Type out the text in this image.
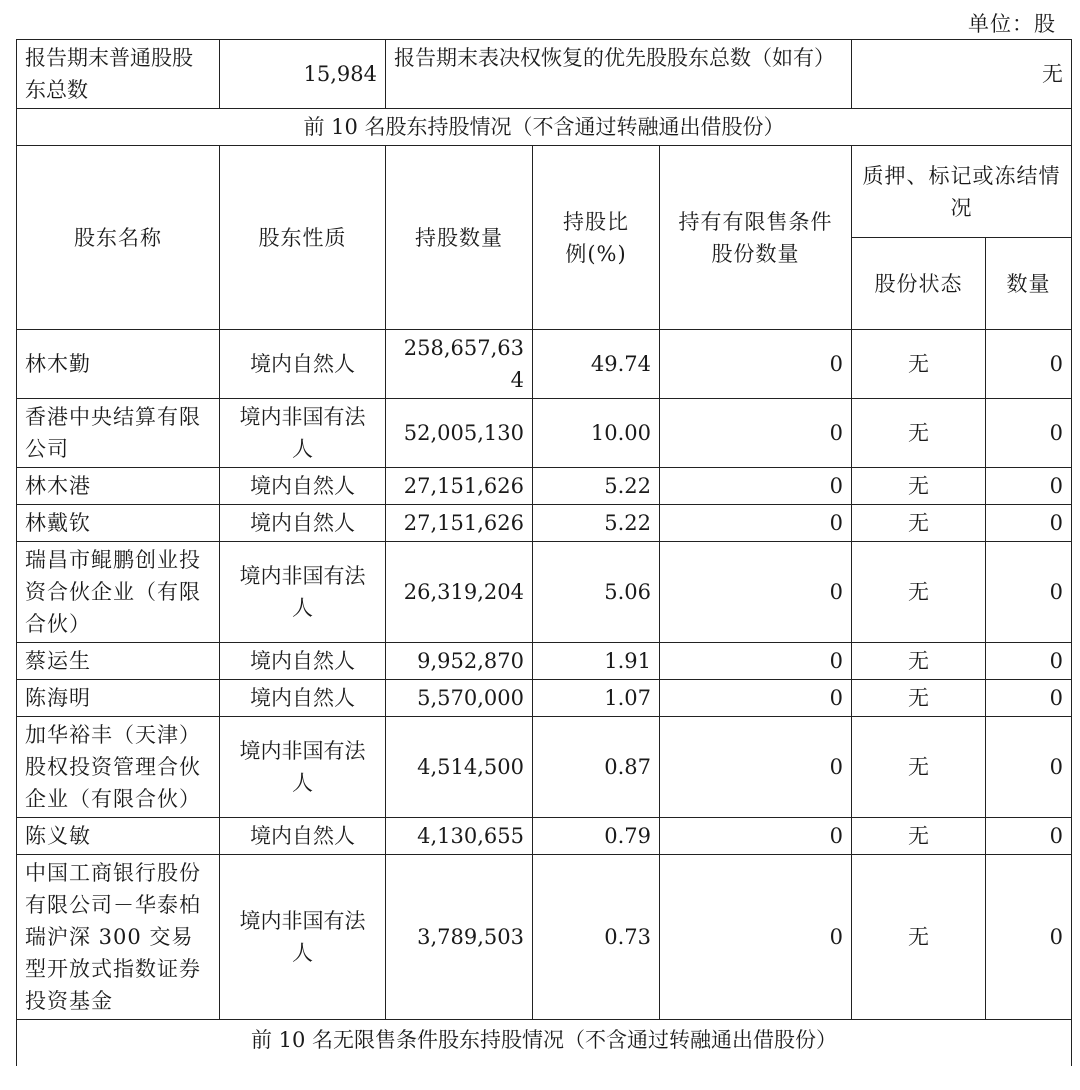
单位：股
报告期末普通股股东总数	15,984	报告期末表决权恢复的优先股股东总数（如有）			无	
前 10 名股东持股情况（不含通过转融通出借股份）						
股东名称	股东性质	持股数量	持股比例(%)	持有有限售条件股份数量	质押、标记或冻结情况	
					股份状态	数量
林木勤	境内自然人	258,657,634	49.74	0	无	0
香港中央结算有限公司	境内非国有法人	52,005,130	10.00	0	无	0
林木港	境内自然人	27,151,626	5.22	0	无	0
林戴钦	境内自然人	27,151,626	5.22	0	无	0
瑞昌市鲲鹏创业投资合伙企业（有限合伙）	境内非国有法人	26,319,204	5.06	0	无	0
蔡运生	境内自然人	9,952,870	1.91	0	无	0
陈海明	境内自然人	5,570,000	1.07	0	无	0
加华裕丰（天津）股权投资管理合伙企业（有限合伙）	境内非国有法人	4,514,500	0.87	0	无	0
陈义敏	境内自然人	4,130,655	0.79	0	无	0
中国工商银行股份有限公司－华泰柏瑞沪深 300 交易型开放式指数证券投资基金	境内非国有法人	3,789,503	0.73	0	无	0
前 10 名无限售条件股东持股情况（不含通过转融通出借股份）						
